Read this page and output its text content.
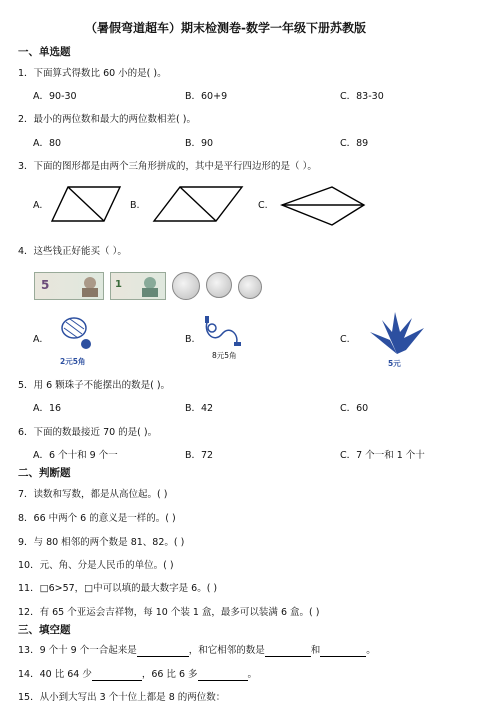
（暑假弯道超车）期末检测卷-数学一年级下册苏教版
一、单选题
1．下面算式得数比 60 小的是( )。
A．90-30	B．60+9	C．83-30
2．最小的两位数和最大的两位数相差( )。
A．80	B．90	C．89
3．下面的图形都是由两个三角形拼成的，其中是平行四边形的是（ ）。
A.	B.	C.
4．这些钱正好能买（ ）。
5	1
A.
2元5角
B.
8元5角
C.
5元
5．用 6 颗珠子不能摆出的数是( )。
A．16	B．42	C．60
6．下面的数最接近 70 的是( )。
A．6 个十和 9 个一	B．72	C．7 个一和 1 个十
二、判断题
7．读数和写数，都是从高位起。( )
8．66 中两个 6 的意义是一样的。( )
9．与 80 相邻的两个数是 81、82。( )
10．元、角、分是人民币的单位。( )
11．□6>57，□中可以填的最大数字是 6。( )
12．有 65 个亚运会吉祥物，每 10 个装 1 盒，最多可以装满 6 盒。( )
三、填空题
13．9 个十 9 个一合起来是	，和它相邻的数是	和	。
14．40 比 64 少	，66 比 6 多	。
15．从小到大写出 3 个十位上都是 8 的两位数：
